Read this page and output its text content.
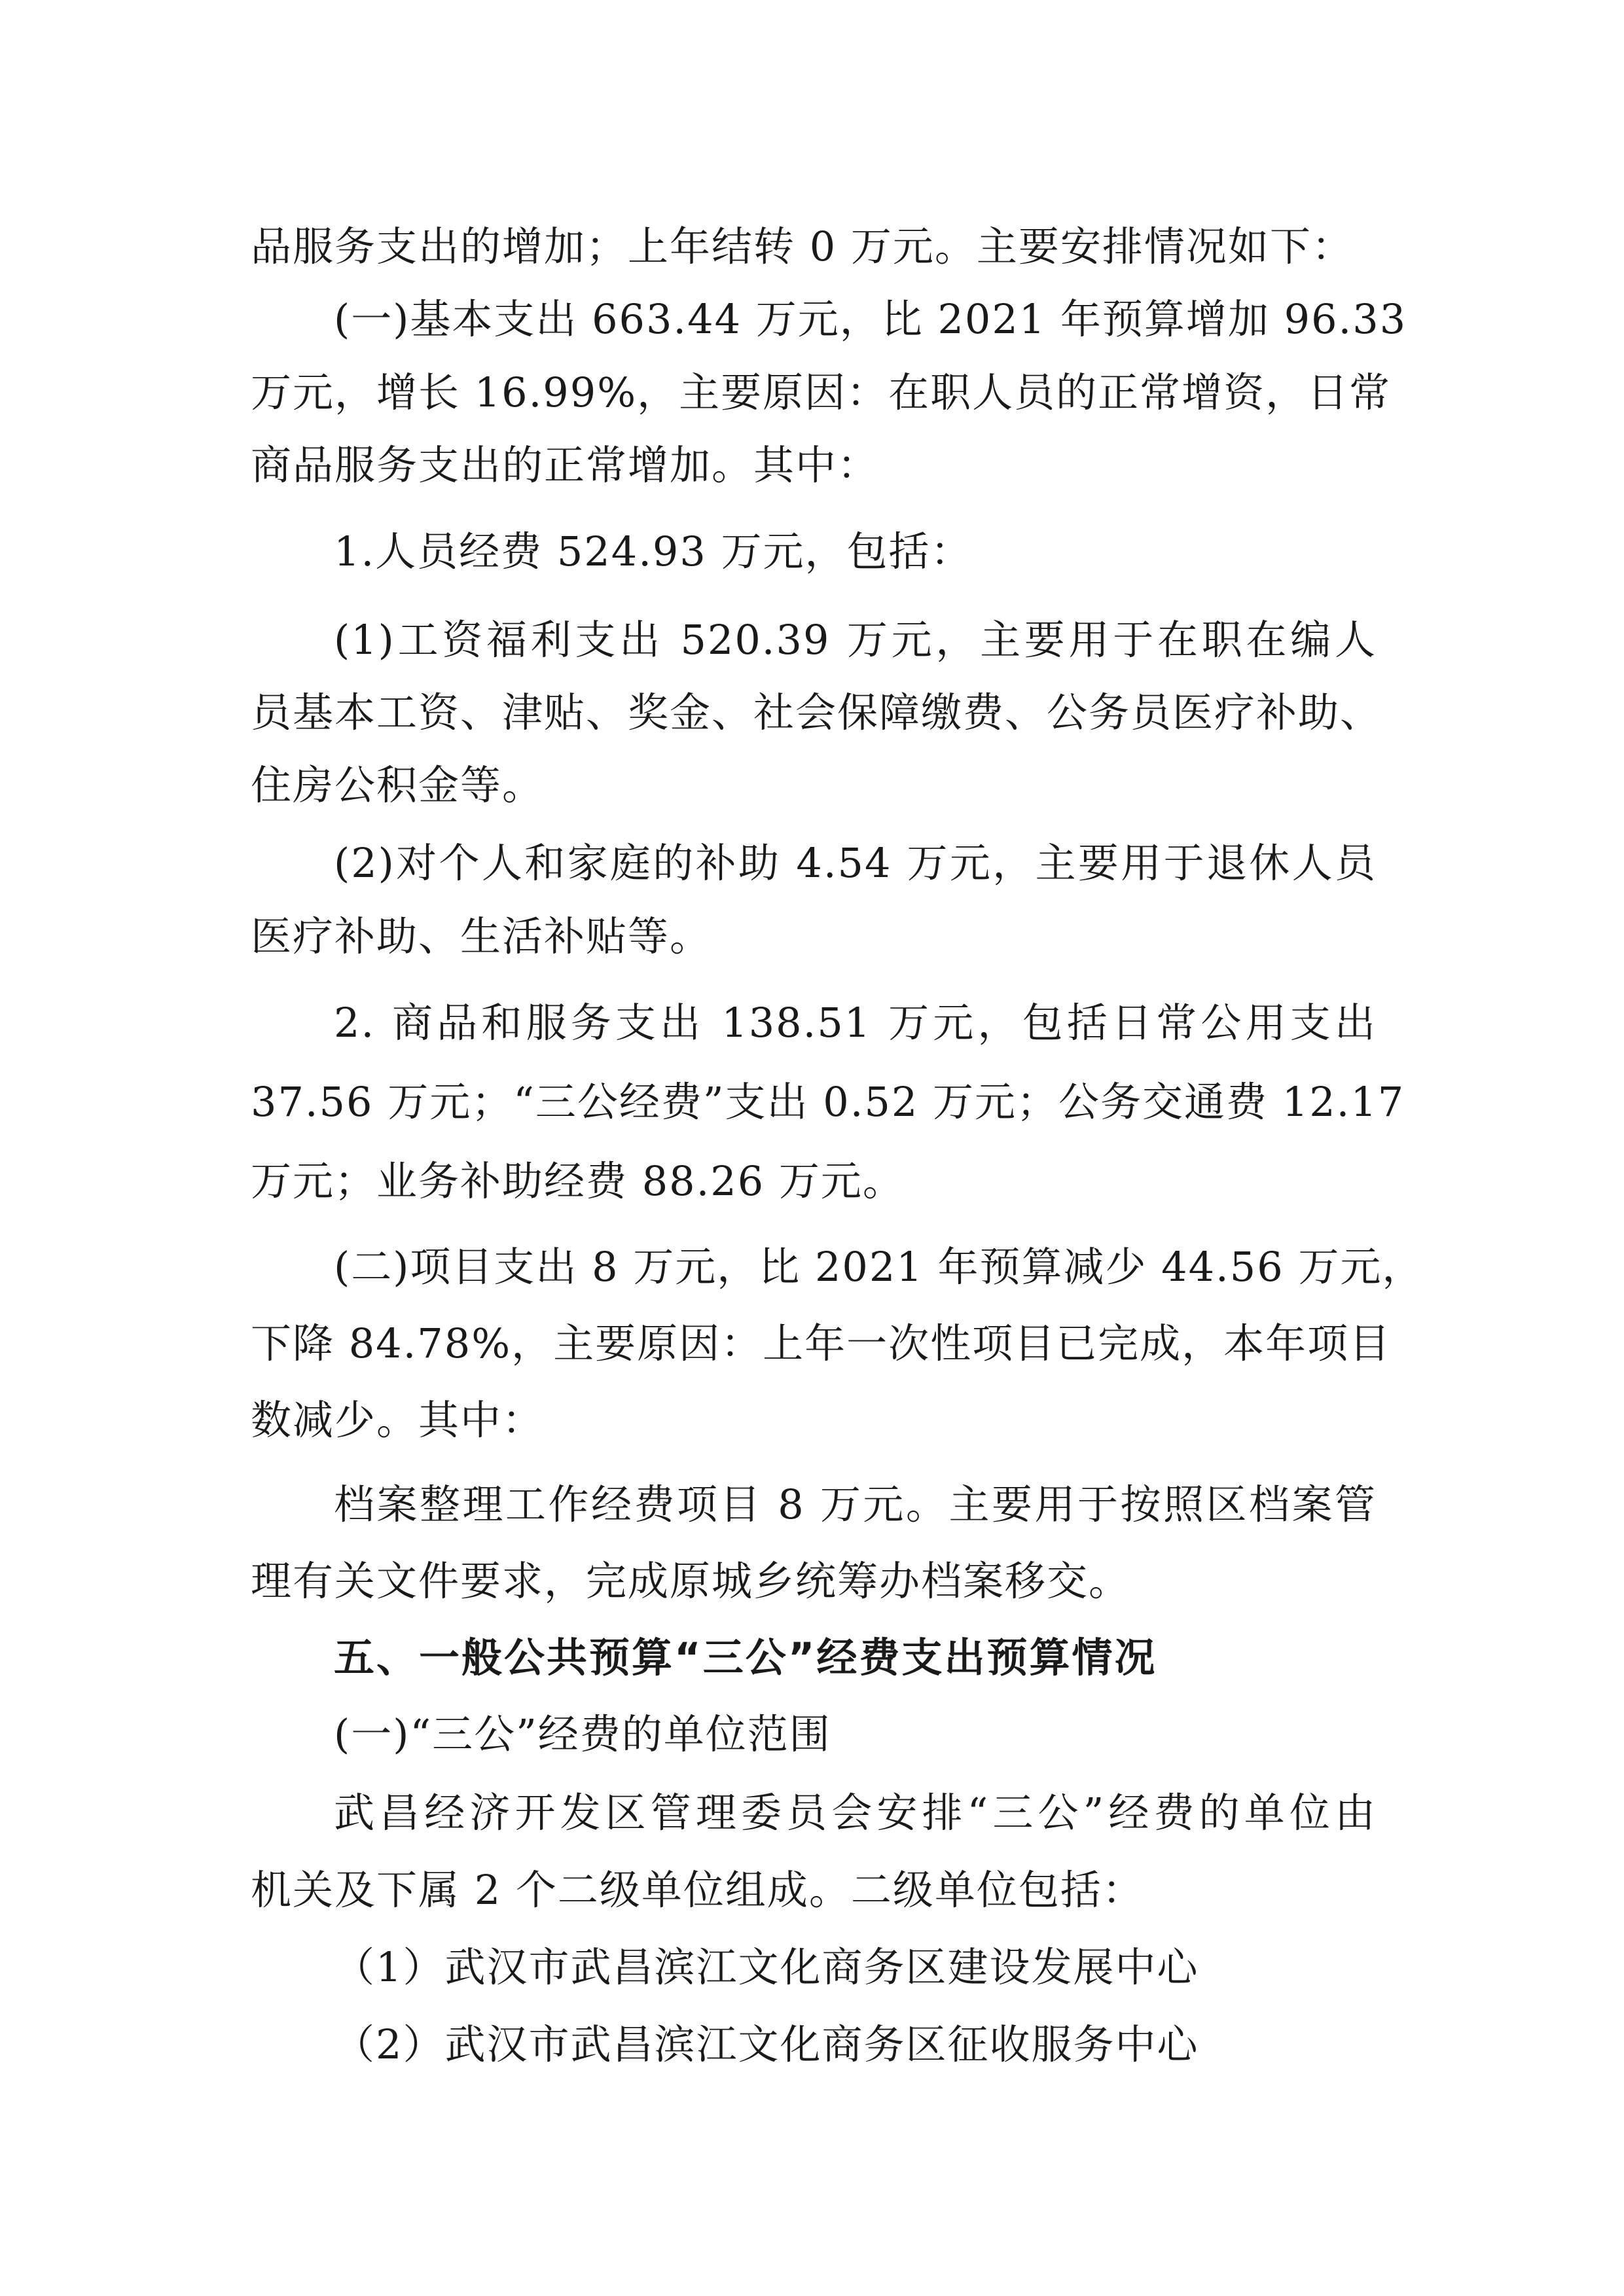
品服务支出的增加；上年结转 0 万元。主要安排情况如下：
(一)基本支出 663.44 万元，比 2021 年预算增加 96.33
万元，增长 16.99%，主要原因：在职人员的正常增资，日常
商品服务支出的正常增加。其中：
1.人员经费 524.93 万元，包括：
(1)工资福利支出 520.39 万元，主要用于在职在编人
员基本工资、津贴、奖金、社会保障缴费、公务员医疗补助、
住房公积金等。
(2)对个人和家庭的补助 4.54 万元，主要用于退休人员
医疗补助、生活补贴等。
2. 商品和服务支出 138.51 万元，包括日常公用支出
37.56 万元；“三公经费”支出 0.52 万元；公务交通费 12.17
万元；业务补助经费 88.26 万元。
(二)项目支出 8 万元，比 2021 年预算减少 44.56 万元，
下降 84.78%，主要原因：上年一次性项目已完成，本年项目
数减少。其中：
档案整理工作经费项目 8 万元。主要用于按照区档案管
理有关文件要求，完成原城乡统筹办档案移交。
五、一般公共预算“三公”经费支出预算情况
(一)“三公”经费的单位范围
武昌经济开发区管理委员会安排“三公”经费的单位由
机关及下属 2 个二级单位组成。二级单位包括：
（1）武汉市武昌滨江文化商务区建设发展中心
（2）武汉市武昌滨江文化商务区征收服务中心
